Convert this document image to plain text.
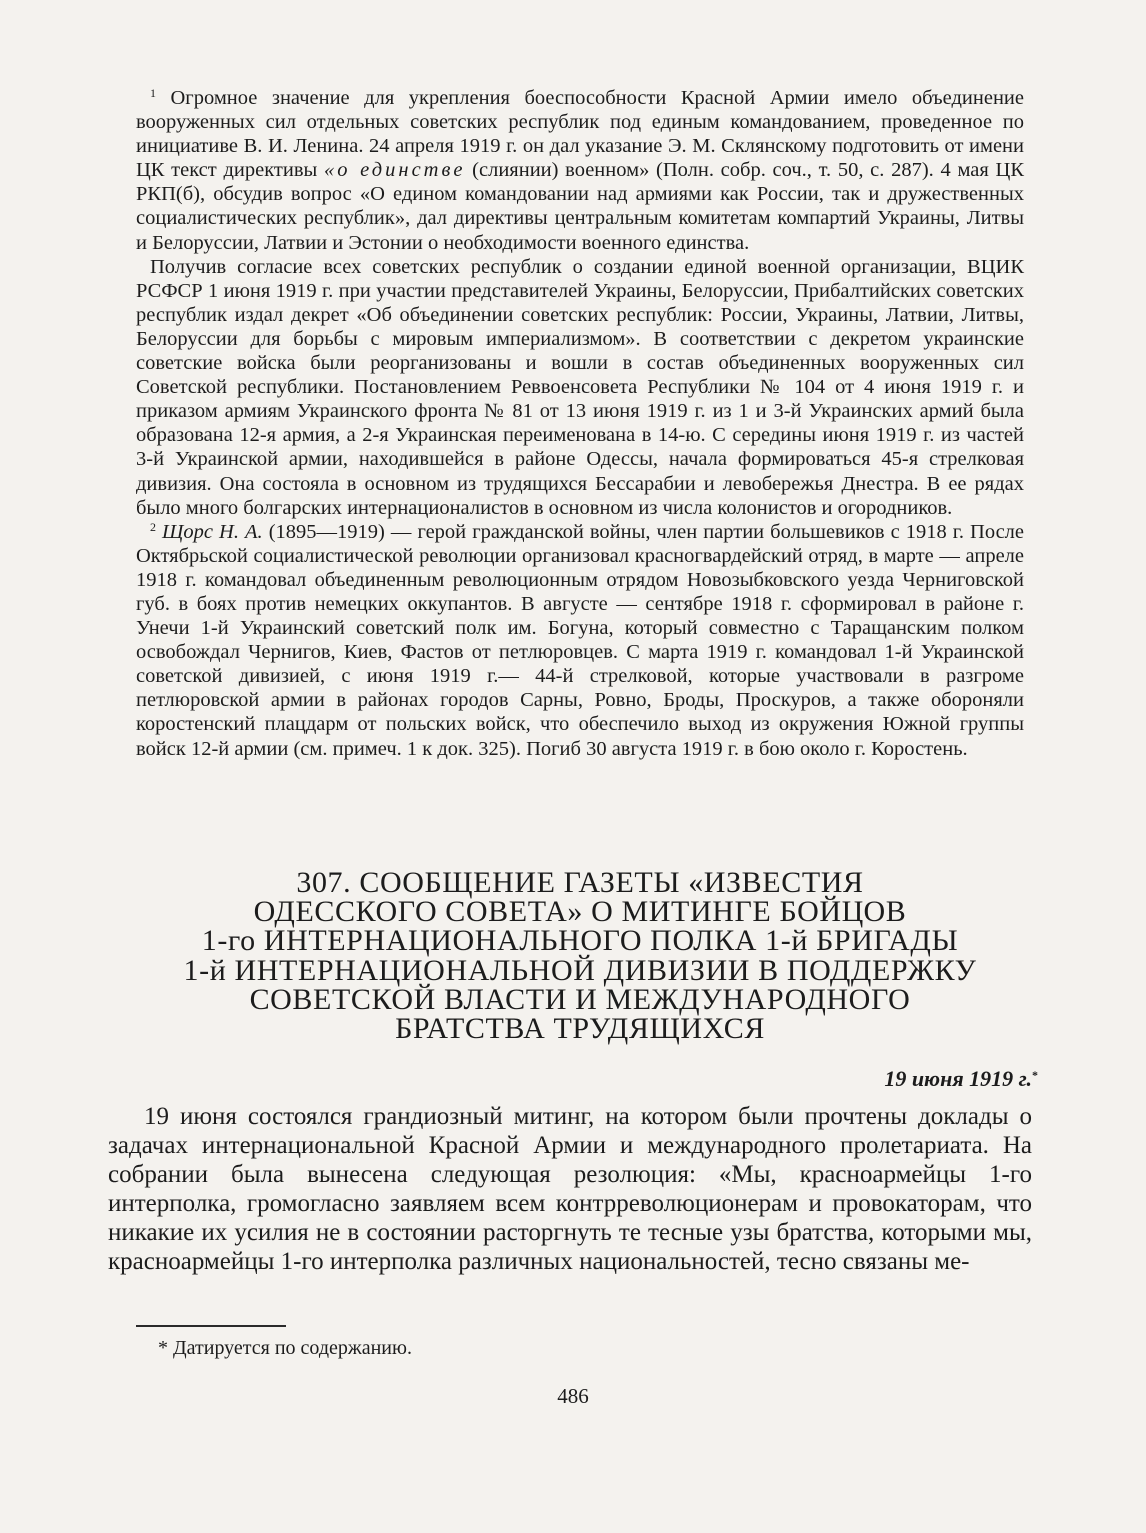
$^1$ Огромное значение для укрепления боеспособности Красной Армии имело объединение вооруженных сил отдельных советских республик под единым командованием, проведенное по инициативе В. И. Ленина. 24 апреля 1919 г. он дал указание Э. М. Склянскому подготовить от имени ЦК текст директивы «о единстве (слиянии) военном» (Полн. собр. соч., т. 50, с. 287). 4 мая ЦК РКП(б), обсудив вопрос «О едином командовании над армиями как России, так и дружественных социалистических республик», дал директивы центральным комитетам компартий Украины, Литвы и Белоруссии, Латвии и Эстонии о необходимости военного единства.

Получив согласие всех советских республик о создании единой военной организации, ВЦИК РСФСР 1 июня 1919 г. при участии представителей Украины, Белоруссии, Прибалтийских советских республик издал декрет «Об объединении советских республик: России, Украины, Латвии, Литвы, Белоруссии для борьбы с мировым империализмом». В соответствии с декретом украинские советские войска были реорганизованы и вошли в состав объединенных вооруженных сил Советской республики. Постановлением Реввоенсовета Республики № 104 от 4 июня 1919 г. и приказом армиям Украинского фронта № 81 от 13 июня 1919 г. из 1 и 3-й Украинских армий была образована 12-я армия, а 2-я Украинская переименована в 14-ю. С середины июня 1919 г. из частей 3-й Украинской армии, находившейся в районе Одессы, начала формироваться 45-я стрелковая дивизия. Она состояла в основном из трудящихся Бессарабии и левобережья Днестра. В ее рядах было много болгарских интернационалистов в основном из числа колонистов и огородников.

$^2$ Щорс Н. А. (1895—1919) — герой гражданской войны, член партии большевиков с 1918 г. После Октябрьской социалистической революции организовал красногвардейский отряд, в марте — апреле 1918 г. командовал объединенным революционным отрядом Новозыбковского уезда Черниговской губ. в боях против немецких оккупантов. В августе — сентябре 1918 г. сформировал в районе г. Унечи 1-й Украинский советский полк им. Богуна, который совместно с Таращанским полком освобождал Чернигов, Киев, Фастов от петлюровцев. С марта 1919 г. командовал 1-й Украинской советской дивизией, с июня 1919 г.— 44-й стрелковой, которые участвовали в разгроме петлюровской армии в районах городов Сарны, Ровно, Броды, Проскуров, а также обороняли коростенский плацдарм от польских войск, что обеспечило выход из окружения Южной группы войск 12-й армии (см. примеч. 1 к док. 325). Погиб 30 августа 1919 г. в бою около г. Коростень.

307. СООБЩЕНИЕ ГАЗЕТЫ «ИЗВЕСТИЯ
ОДЕССКОГО СОВЕТА» О МИТИНГЕ БОЙЦОВ
1-го ИНТЕРНАЦИОНАЛЬНОГО ПОЛКА 1-й БРИГАДЫ
1-й ИНТЕРНАЦИОНАЛЬНОЙ ДИВИЗИИ В ПОДДЕРЖКУ
СОВЕТСКОЙ ВЛАСТИ И МЕЖДУНАРОДНОГО
БРАТСТВА ТРУДЯЩИХСЯ
19 июня 1919 г.*

19 июня состоялся грандиозный митинг, на котором были прочтены доклады о задачах интернациональной Красной Армии и международного пролетариата. На собрании была вынесена следующая резолюция: «Мы, красноармейцы 1-го интерполка, громогласно заявляем всем контрреволюционерам и провокаторам, что никакие их усилия не в состоянии расторгнуть те тесные узы братства, которыми мы, красноармейцы 1-го интерполка различных национальностей, тесно связаны ме-

* Датируется по содержанию.
486
